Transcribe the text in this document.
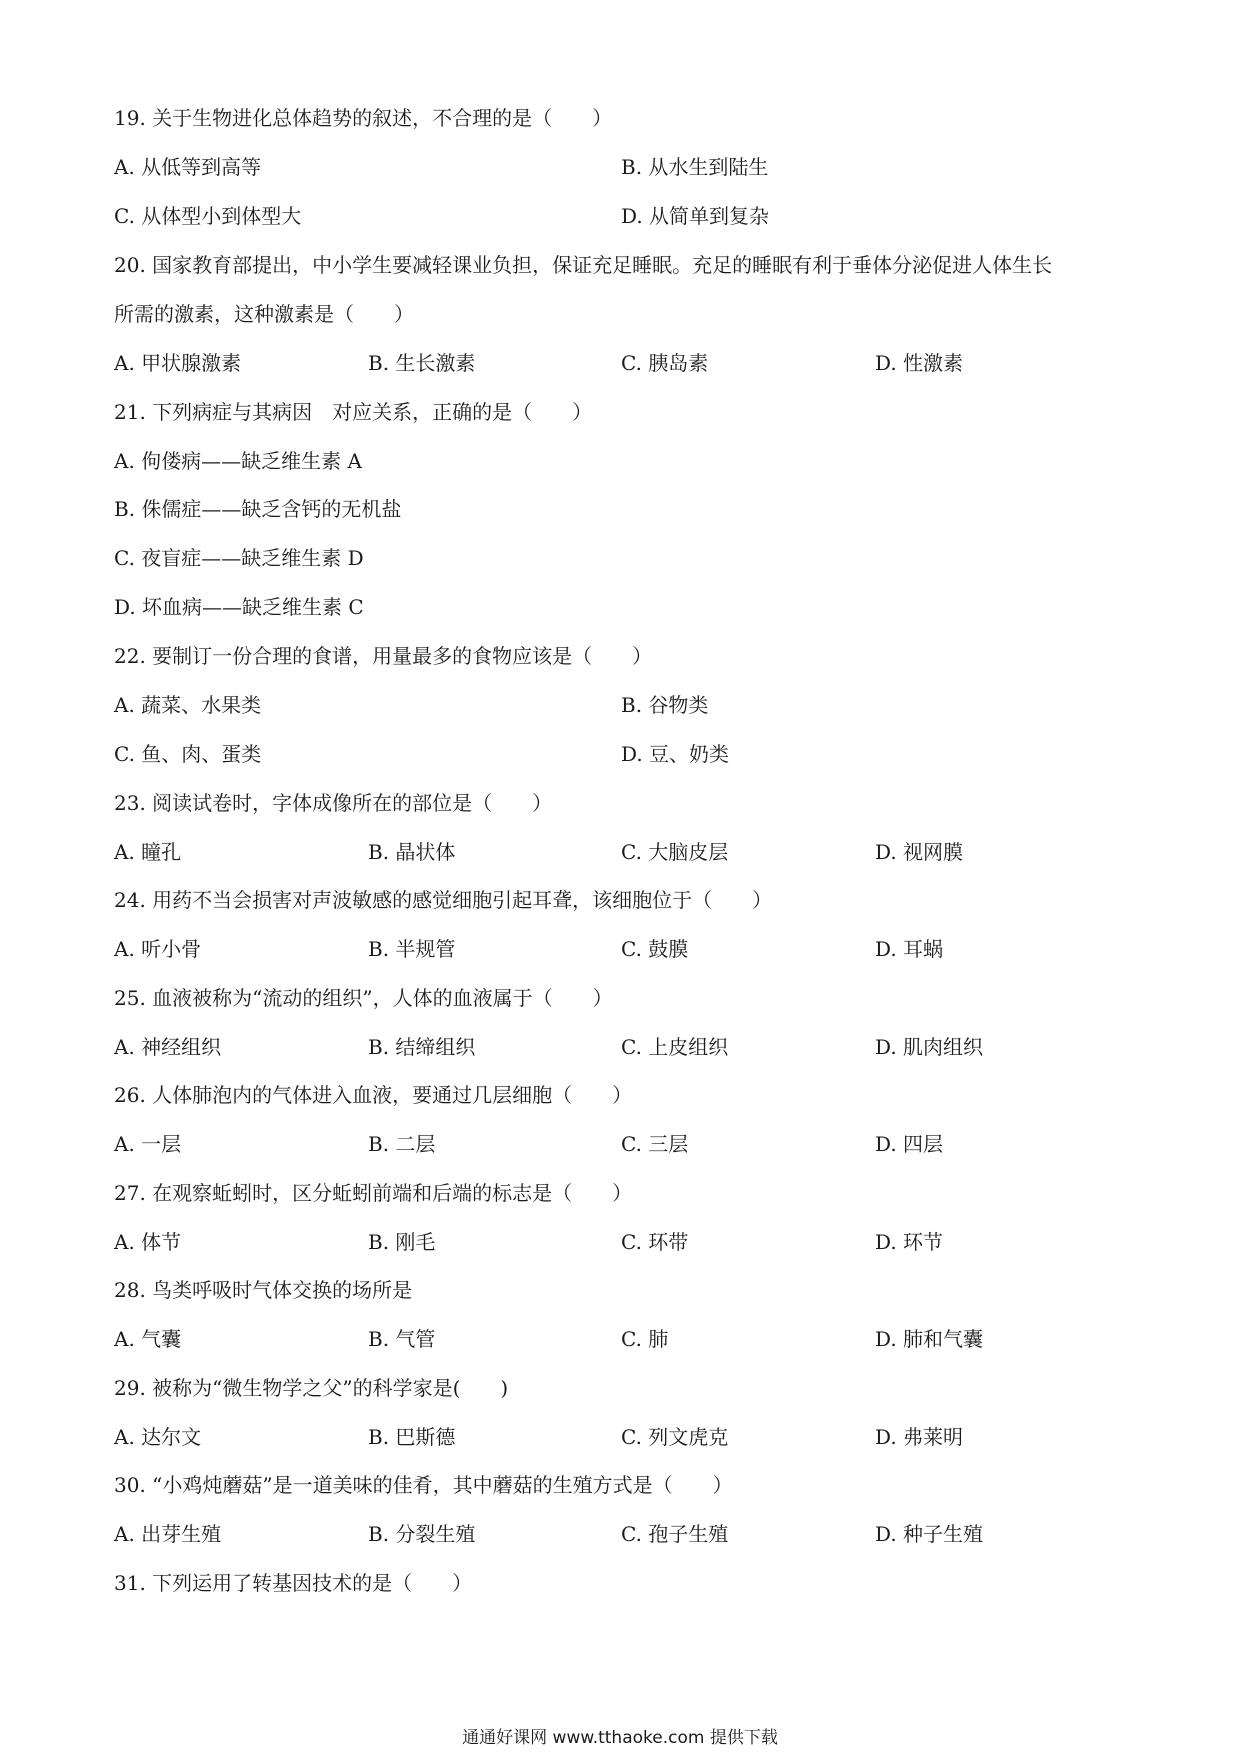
19. 关于生物进化总体趋势的叙述，不合理的是（　　）
A. 从低等到高等	B. 从水生到陆生
C. 从体型小到体型大	D. 从简单到复杂
20. 国家教育部提出，中小学生要减轻课业负担，保证充足睡眠。充足的睡眠有利于垂体分泌促进人体生长
所需的激素，这种激素是（　　）
A. 甲状腺激素	B. 生长激素	C. 胰岛素	D. 性激素
21. 下列病症与其病因　对应关系，正确的是（　　）
A. 佝偻病——缺乏维生素 A
B. 侏儒症——缺乏含钙的无机盐
C. 夜盲症——缺乏维生素 D
D. 坏血病——缺乏维生素 C
22. 要制订一份合理的食谱，用量最多的食物应该是（　　）
A. 蔬菜、水果类	B. 谷物类
C. 鱼、肉、蛋类	D. 豆、奶类
23. 阅读试卷时，字体成像所在的部位是（　　）
A. 瞳孔	B. 晶状体	C. 大脑皮层	D. 视网膜
24. 用药不当会损害对声波敏感的感觉细胞引起耳聋，该细胞位于（　　）
A. 听小骨	B. 半规管	C. 鼓膜	D. 耳蜗
25. 血液被称为“流动的组织”，人体的血液属于（　　）
A. 神经组织	B. 结缔组织	C. 上皮组织	D. 肌肉组织
26. 人体肺泡内的气体进入血液，要通过几层细胞（　　）
A. 一层	B. 二层	C. 三层	D. 四层
27. 在观察蚯蚓时，区分蚯蚓前端和后端的标志是（　　）
A. 体节	B. 刚毛	C. 环带	D. 环节
28. 鸟类呼吸时气体交换的场所是
A. 气囊	B. 气管	C. 肺	D. 肺和气囊
29. 被称为“微生物学之父”的科学家是(　　)
A. 达尔文	B. 巴斯德	C. 列文虎克	D. 弗莱明
30. “小鸡炖蘑菇”是一道美味的佳肴，其中蘑菇的生殖方式是（　　）
A. 出芽生殖	B. 分裂生殖	C. 孢子生殖	D. 种子生殖
31. 下列运用了转基因技术的是（　　）
通通好课网 www.tthaoke.com 提供下载
